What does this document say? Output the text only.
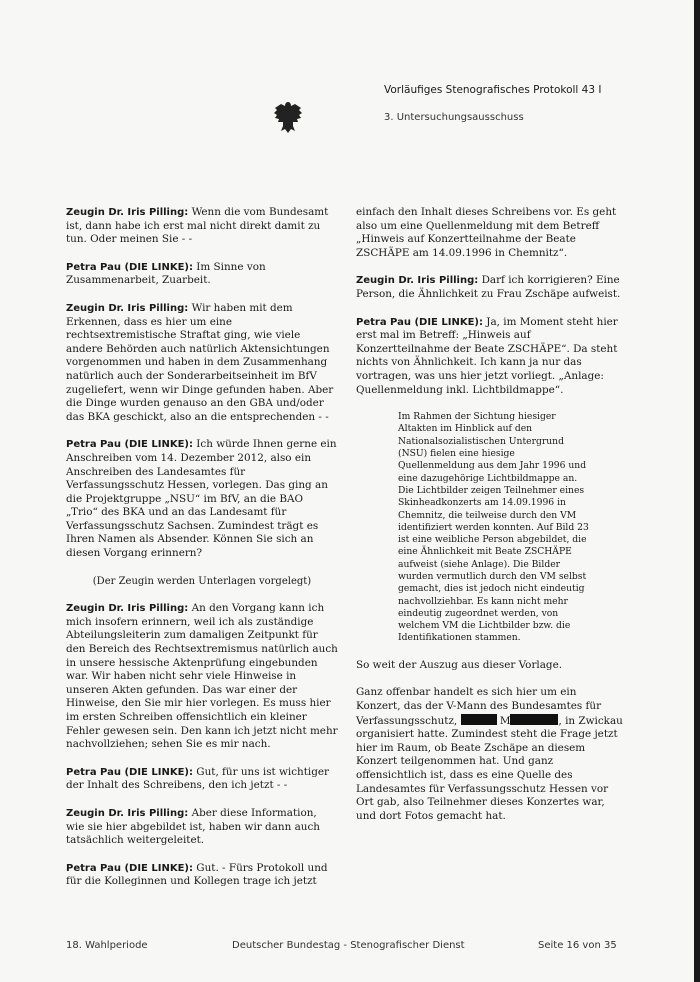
Vorläufiges Stenografisches Protokoll 43 I
3. Untersuchungsausschuss

Zeugin Dr. Iris Pilling: Wenn die vom Bundesamt ist, dann habe ich erst mal nicht direkt damit zu tun. Oder meinen Sie - -

Petra Pau (DIE LINKE): Im Sinne von Zusammenarbeit, Zuarbeit.

Zeugin Dr. Iris Pilling: Wir haben mit dem Erkennen, dass es hier um eine rechtsextremistische Straftat ging, wie viele andere Behörden auch natürlich Aktensichtungen vorgenommen und haben in dem Zusammenhang natürlich auch der Sonderarbeitseinheit im BfV zugeliefert, wenn wir Dinge gefunden haben. Aber die Dinge wurden genauso an den GBA und/oder das BKA geschickt, also an die entsprechenden - -

Petra Pau (DIE LINKE): Ich würde Ihnen gerne ein Anschreiben vom 14. Dezember 2012, also ein Anschreiben des Landesamtes für Verfassungsschutz Hessen, vorlegen. Das ging an die Projektgruppe „NSU“ im BfV, an die BAO „Trio“ des BKA und an das Landesamt für Verfassungsschutz Sachsen. Zumindest trägt es Ihren Namen als Absender. Können Sie sich an diesen Vorgang erinnern?

(Der Zeugin werden Unterlagen vorgelegt)

Zeugin Dr. Iris Pilling: An den Vorgang kann ich mich insofern erinnern, weil ich als zuständige Abteilungsleiterin zum damaligen Zeitpunkt für den Bereich des Rechtsextremismus natürlich auch in unsere hessische Aktenprüfung eingebunden war. Wir haben nicht sehr viele Hinweise in unseren Akten gefunden. Das war einer der Hinweise, den Sie mir hier vorlegen. Es muss hier im ersten Schreiben offensichtlich ein kleiner Fehler gewesen sein. Den kann ich jetzt nicht mehr nachvollziehen; sehen Sie es mir nach.

Petra Pau (DIE LINKE): Gut, für uns ist wichtiger der Inhalt des Schreibens, den ich jetzt - -

Zeugin Dr. Iris Pilling: Aber diese Information, wie sie hier abgebildet ist, haben wir dann auch tatsächlich weitergeleitet.

Petra Pau (DIE LINKE): Gut. - Fürs Protokoll und für die Kolleginnen und Kollegen trage ich jetzt

einfach den Inhalt dieses Schreibens vor. Es geht also um eine Quellenmeldung mit dem Betreff „Hinweis auf Konzertteilnahme der Beate ZSCHÄPE am 14.09.1996 in Chemnitz“.

Zeugin Dr. Iris Pilling: Darf ich korrigieren? Eine Person, die Ähnlichkeit zu Frau Zschäpe aufweist.

Petra Pau (DIE LINKE): Ja, im Moment steht hier erst mal im Betreff: „Hinweis auf Konzertteilnahme der Beate ZSCHÄPE“. Da steht nichts von Ähnlichkeit. Ich kann ja nur das vortragen, was uns hier jetzt vorliegt. „Anlage: Quellenmeldung inkl. Lichtbildmappe“.

Im Rahmen der Sichtung hiesiger Altakten im Hinblick auf den Nationalsozialistischen Untergrund (NSU) fielen eine hiesige Quellenmeldung aus dem Jahr 1996 und eine dazugehörige Lichtbildmappe an. Die Lichtbilder zeigen Teilnehmer eines Skinheadkonzerts am 14.09.1996 in Chemnitz, die teilweise durch den VM identifiziert werden konnten. Auf Bild 23 ist eine weibliche Person abgebildet, die eine Ähnlichkeit mit Beate ZSCHÄPE aufweist (siehe Anlage). Die Bilder wurden vermutlich durch den VM selbst gemacht, dies ist jedoch nicht eindeutig nachvollziehbar. Es kann nicht mehr eindeutig zugeordnet werden, von welchem VM die Lichtbilder bzw. die Identifikationen stammen.

So weit der Auszug aus dieser Vorlage.

Ganz offenbar handelt es sich hier um ein Konzert, das der V-Mann des Bundesamtes für Verfassungsschutz,	M	, in Zwickau organisiert hatte. Zumindest steht die Frage jetzt hier im Raum, ob Beate Zschäpe an diesem Konzert teilgenommen hat. Und ganz offensichtlich ist, dass es eine Quelle des Landesamtes für Verfassungsschutz Hessen vor Ort gab, also Teilnehmer dieses Konzertes war, und dort Fotos gemacht hat.

18. Wahlperiode	Deutscher Bundestag - Stenografischer Dienst	Seite 16 von 35
